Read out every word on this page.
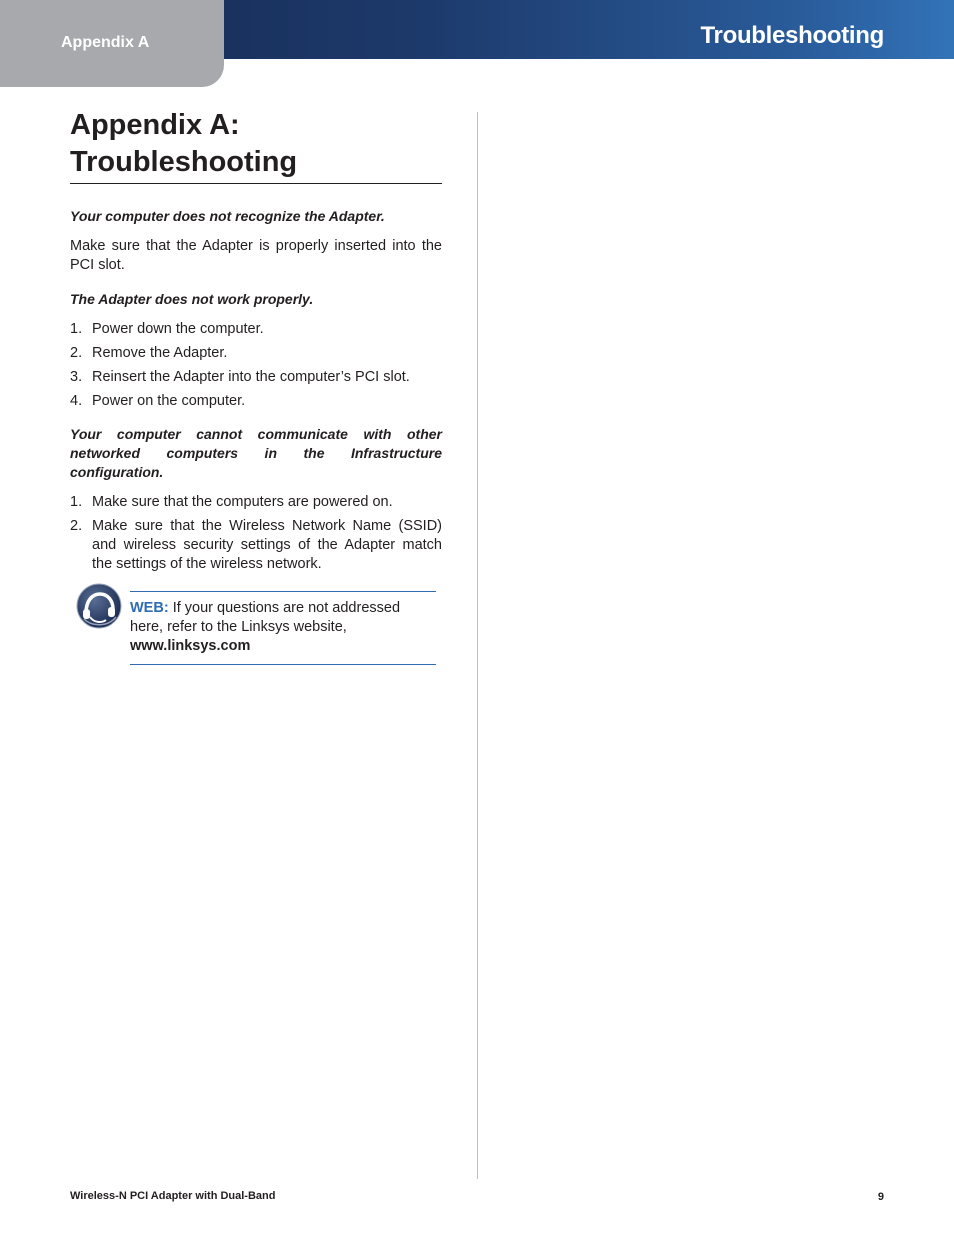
Appendix A	Troubleshooting
Appendix A:
Troubleshooting

Your computer does not recognize the Adapter.

Make sure that the Adapter is properly inserted into the PCI slot.

The Adapter does not work properly.

1. Power down the computer.
2. Remove the Adapter.
3. Reinsert the Adapter into the computer’s PCI slot.
4. Power on the computer.

Your computer cannot communicate with other networked computers in the Infrastructure configuration.

1. Make sure that the computers are powered on.
2. Make sure that the Wireless Network Name (SSID) and wireless security settings of the Adapter match the settings of the wireless network.
WEB: If your questions are not addressed here, refer to the Linksys website, www.linksys.com
Wireless-N PCI Adapter with Dual-Band	9
